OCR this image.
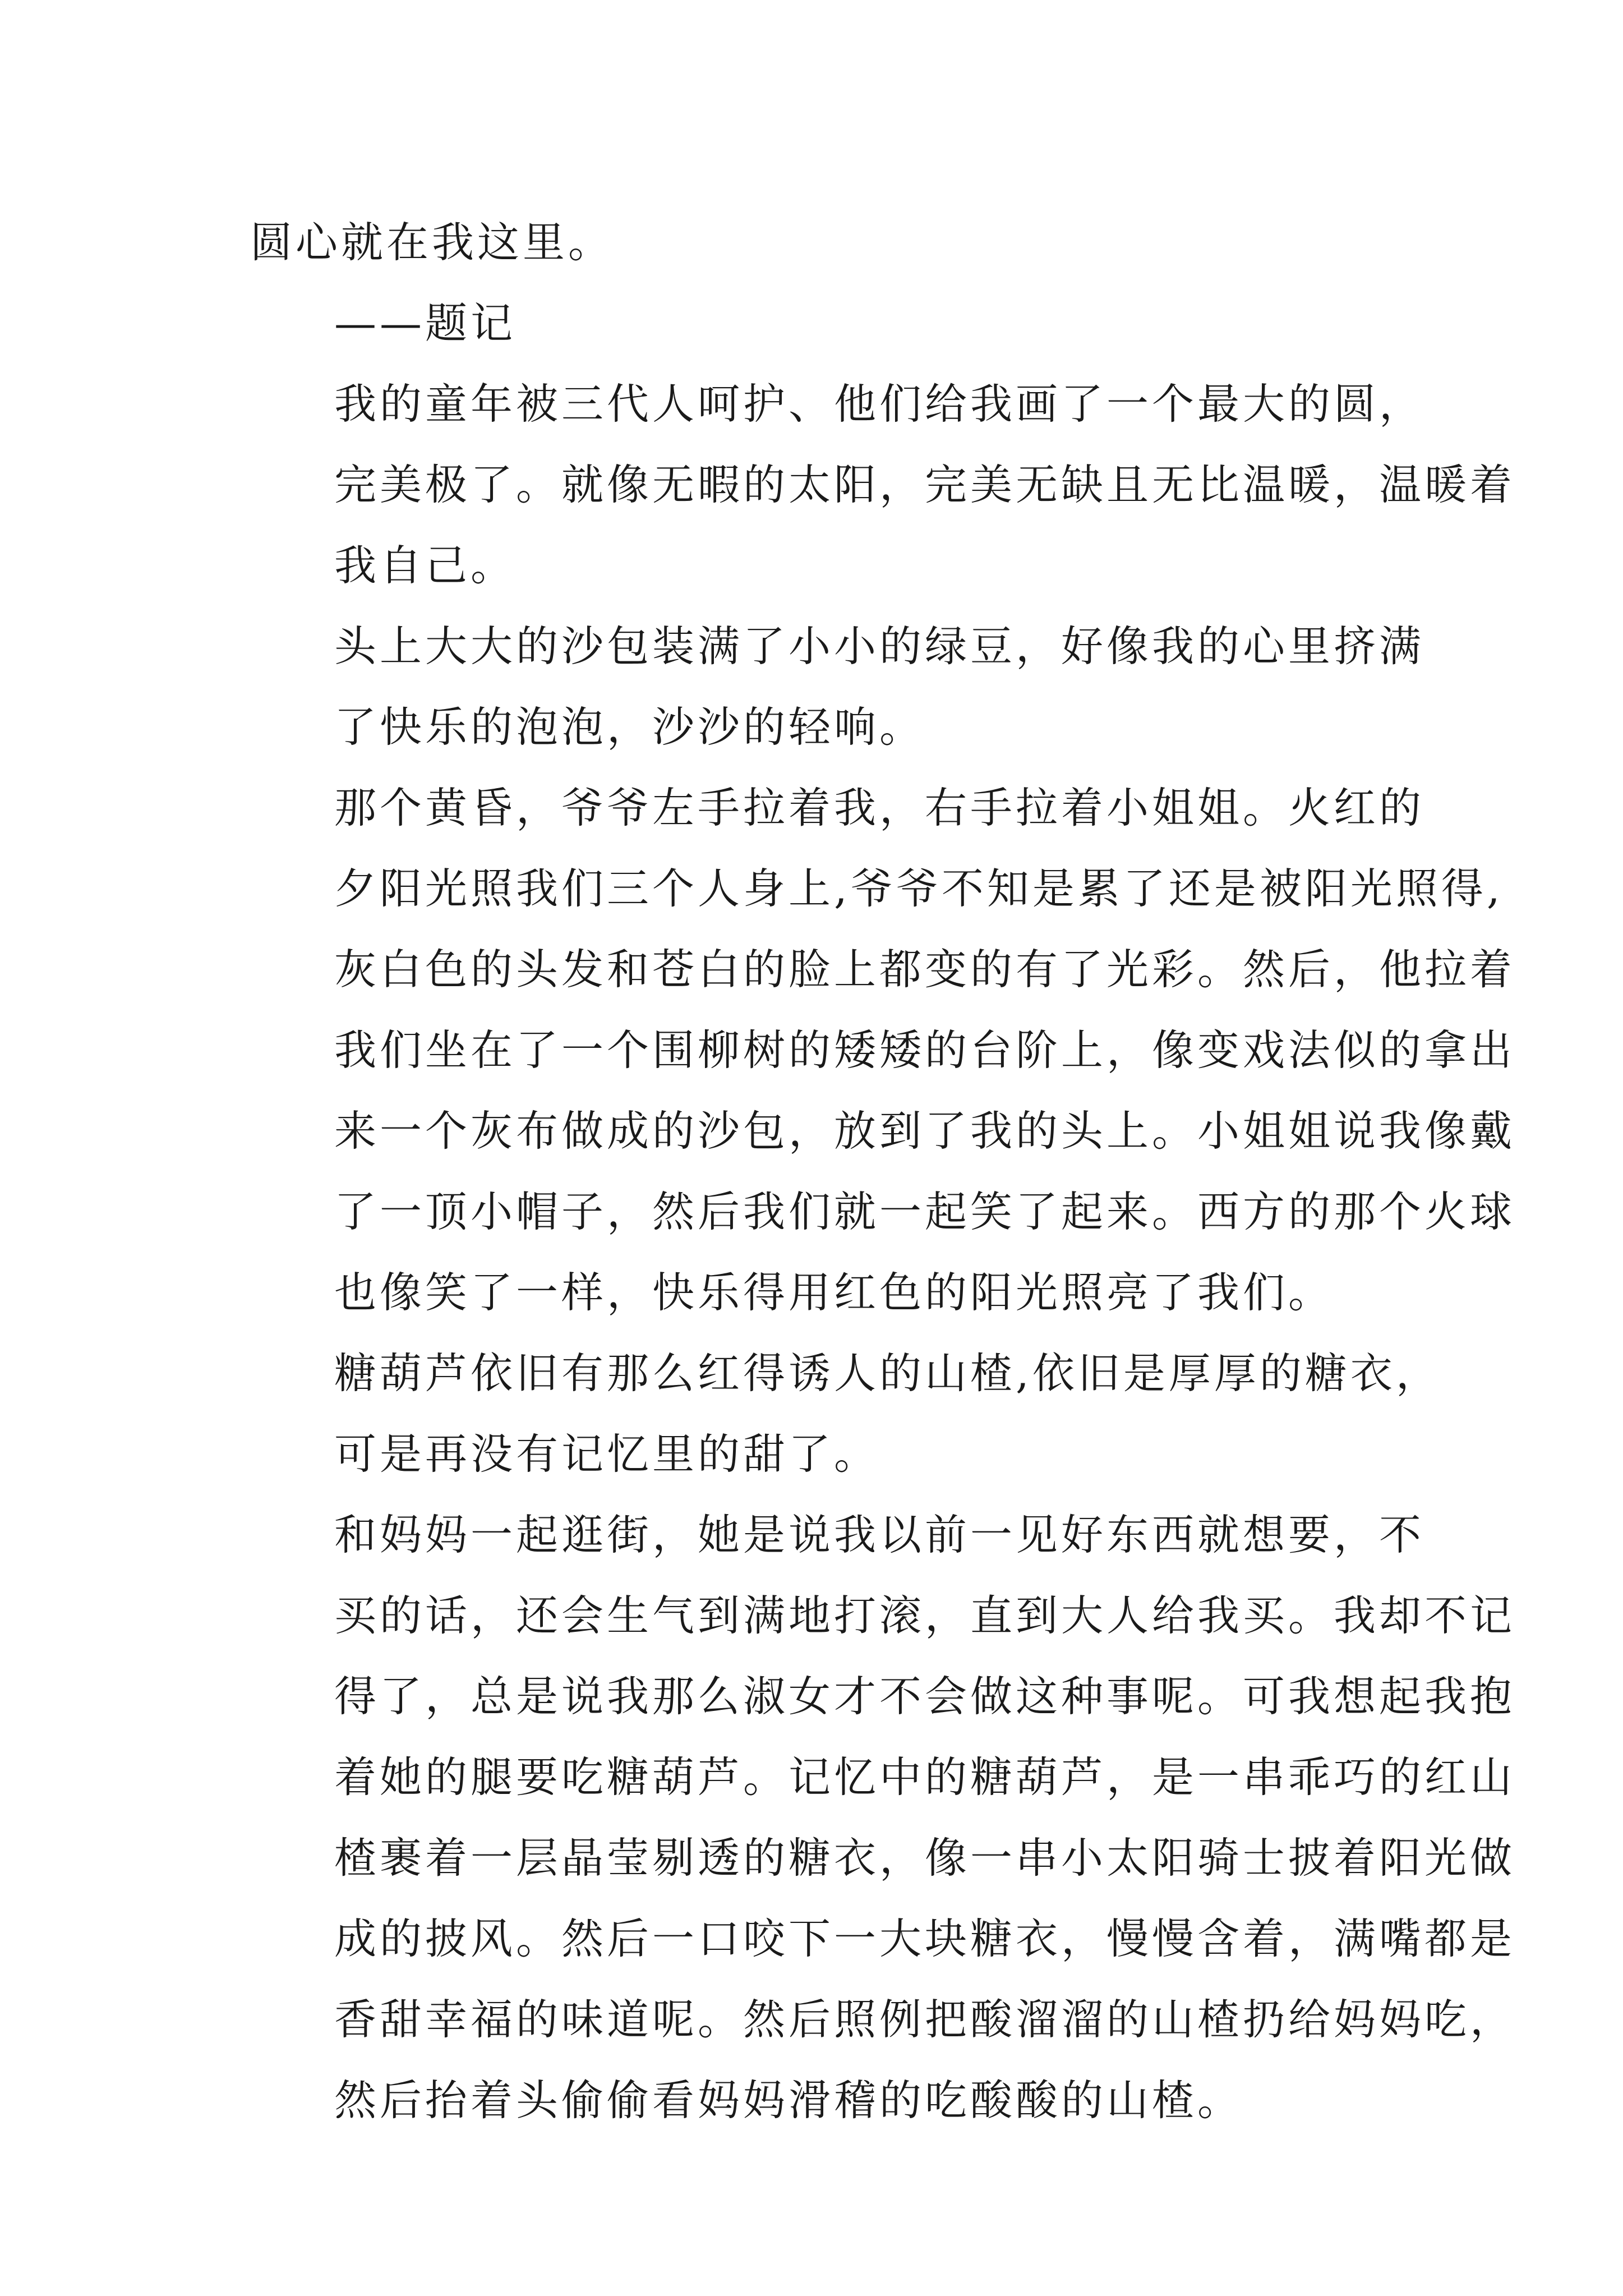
圆心就在我这里。

——题记

我的童年被三代人呵护、他们给我画了一个最大的圆，
完美极了。就像无暇的太阳，完美无缺且无比温暖，温暖着
我自己。

头上大大的沙包装满了小小的绿豆，好像我的心里挤满
了快乐的泡泡，沙沙的轻响。

那个黄昏，爷爷左手拉着我，右手拉着小姐姐。火红的
夕阳光照我们三个人身上,爷爷不知是累了还是被阳光照得,
灰白色的头发和苍白的脸上都变的有了光彩。然后，他拉着
我们坐在了一个围柳树的矮矮的台阶上，像变戏法似的拿出
来一个灰布做成的沙包，放到了我的头上。小姐姐说我像戴
了一顶小帽子，然后我们就一起笑了起来。西方的那个火球
也像笑了一样，快乐得用红色的阳光照亮了我们。

糖葫芦依旧有那么红得诱人的山楂,依旧是厚厚的糖衣，
可是再没有记忆里的甜了。

和妈妈一起逛街，她是说我以前一见好东西就想要，不
买的话，还会生气到满地打滚，直到大人给我买。我却不记
得了，总是说我那么淑女才不会做这种事呢。可我想起我抱
着她的腿要吃糖葫芦。记忆中的糖葫芦，是一串乖巧的红山
楂裹着一层晶莹剔透的糖衣，像一串小太阳骑士披着阳光做
成的披风。然后一口咬下一大块糖衣，慢慢含着，满嘴都是
香甜幸福的味道呢。然后照例把酸溜溜的山楂扔给妈妈吃，
然后抬着头偷偷看妈妈滑稽的吃酸酸的山楂。
